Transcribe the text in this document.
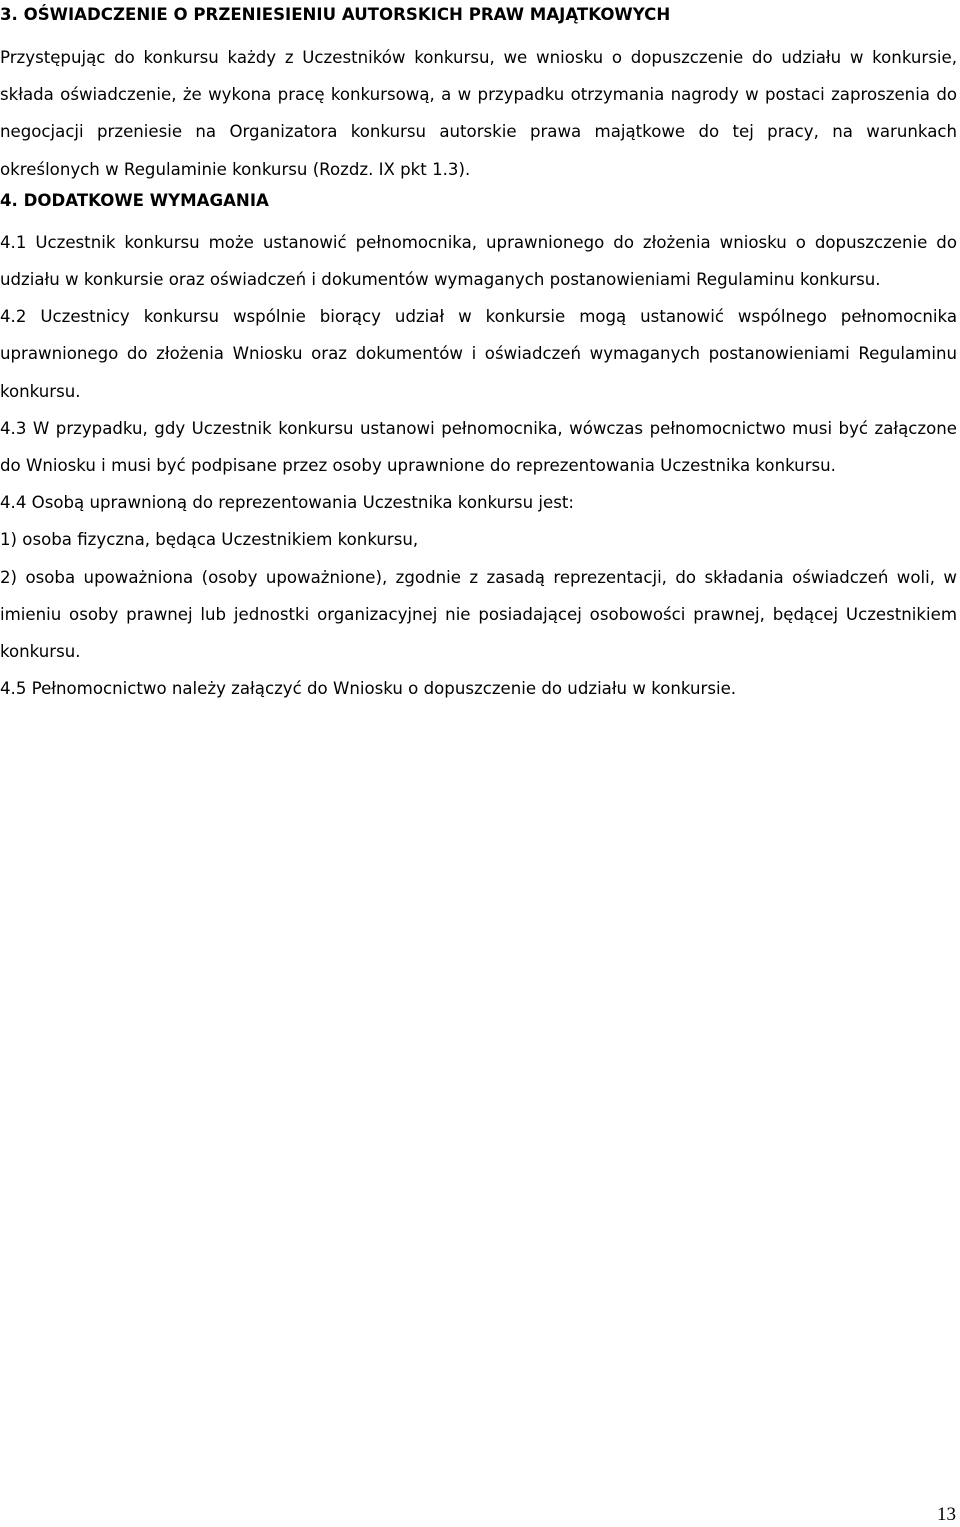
3. OŚWIADCZENIE O PRZENIESIENIU AUTORSKICH PRAW MAJĄTKOWYCH

Przystępując do konkursu każdy z Uczestników konkursu, we wniosku o dopuszczenie do udziału w konkursie, składa oświadczenie, że wykona pracę konkursową, a w przypadku otrzymania nagrody w postaci zaproszenia do negocjacji przeniesie na Organizatora konkursu autorskie prawa majątkowe do tej pracy, na warunkach określonych w Regulaminie konkursu (Rozdz. IX pkt 1.3).

4. DODATKOWE WYMAGANIA

4.1 Uczestnik konkursu może ustanowić pełnomocnika, uprawnionego do złożenia wniosku o dopuszczenie do udziału w konkursie oraz oświadczeń i dokumentów wymaganych postanowieniami Regulaminu konkursu.

4.2 Uczestnicy konkursu wspólnie biorący udział w konkursie mogą ustanowić wspólnego pełnomocnika uprawnionego do złożenia Wniosku oraz dokumentów i oświadczeń wymaganych postanowieniami Regulaminu konkursu.

4.3 W przypadku, gdy Uczestnik konkursu ustanowi pełnomocnika, wówczas pełnomocnictwo musi być załączone do Wniosku i musi być podpisane przez osoby uprawnione do reprezentowania Uczestnika konkursu.

4.4 Osobą uprawnioną do reprezentowania Uczestnika konkursu jest:

1) osoba fizyczna, będąca Uczestnikiem konkursu,

2) osoba upoważniona (osoby upoważnione), zgodnie z zasadą reprezentacji, do składania oświadczeń woli, w imieniu osoby prawnej lub jednostki organizacyjnej nie posiadającej osobowości prawnej, będącej Uczestnikiem konkursu.

4.5 Pełnomocnictwo należy załączyć do Wniosku o dopuszczenie do udziału w konkursie.

13
